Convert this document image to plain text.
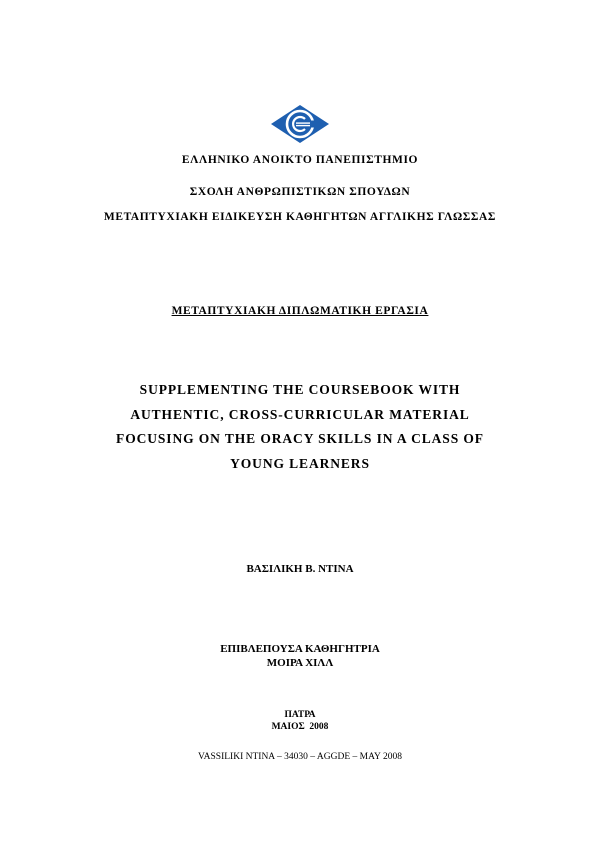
ΕΛΛΗΝΙΚΟ ΑΝΟΙΚΤΟ ΠΑΝΕΠΙΣΤΗΜΙΟ
ΣΧΟΛΗ ΑΝΘΡΩΠΙΣΤΙΚΩΝ ΣΠΟΥΔΩΝ
ΜΕΤΑΠΤΥΧΙΑΚΗ ΕΙΔΙΚΕΥΣΗ ΚΑΘΗΓΗΤΩΝ ΑΓΓΛΙΚΗΣ ΓΛΩΣΣΑΣ
ΜΕΤΑΠΤΥΧΙΑΚΗ ΔΙΠΛΩΜΑΤΙΚΗ ΕΡΓΑΣΙΑ
SUPPLEMENTING THE COURSEBOOK WITH
AUTHENTIC, CROSS-CURRICULAR MATERIAL
FOCUSING ON THE ORACY SKILLS IN A CLASS OF
YOUNG LEARNERS
ΒΑΣΙΛΙΚΗ Β. ΝΤΙΝΑ
ΕΠΙΒΛΕΠΟΥΣΑ ΚΑΘΗΓΗΤΡΙΑ
ΜΟΙΡΑ ΧΙΛΛ
ΠΑΤΡΑ
ΜΑΙΟΣ  2008
VASSILIKI NTINA – 34030 – AGGDE – MAY 2008
